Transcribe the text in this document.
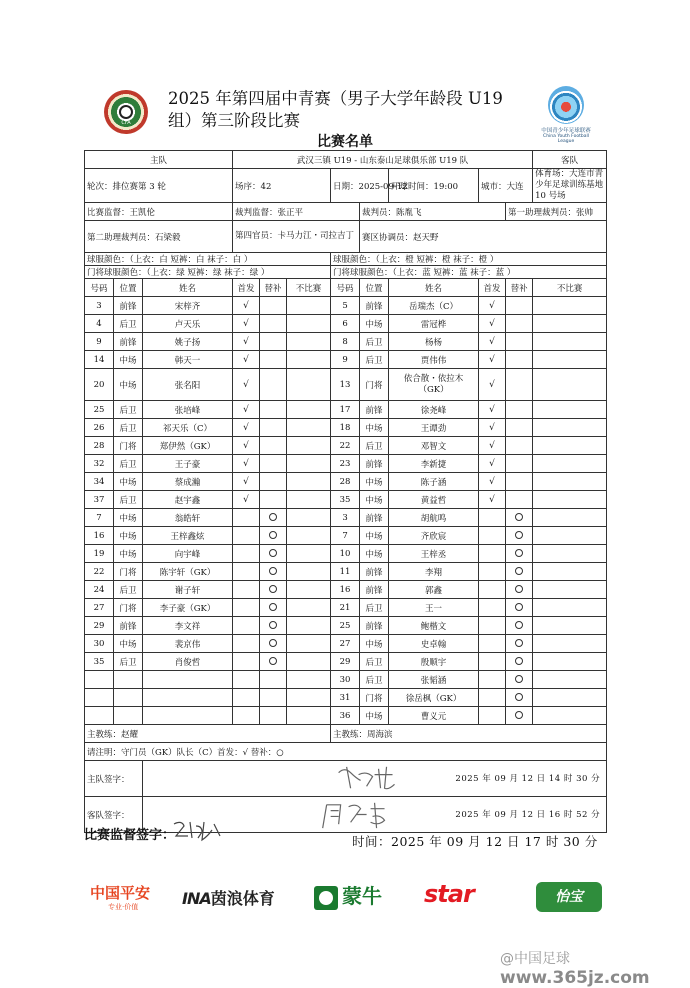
CFA
2025 年第四届中青赛（男子大学年龄段 U19 组）第三阶段比赛
中国青少年足球联赛
China Youth Football League
比赛名单
主队			武汉三镇 U19 - 山东泰山足球俱乐部 U19 队								客队
轮次：排位赛第 3 轮			场序：42			日期：2025-09-12		开球时间：19:00	城市：大连		体育场：大连市青少年足球训练基地 10 号场
比赛监督：王凯伦			裁判监督：张正平				裁判员：陈胤飞			第一助理裁判员：张帅	
第二助理裁判员：石梁毅			第四官员：卡马力江・司拉吉丁				赛区协调员：赵天野				
球服颜色：（上衣：白 短裤：白 袜子：白 ）						球服颜色：（上衣：橙 短裤：橙 袜子：橙 ）					
门将球服颜色：（上衣：绿 短裤：绿 袜子：绿 ）						门将球服颜色：（上衣：蓝 短裤：蓝 袜子：蓝 ）					
号码	位置	姓名	首发	替补	不比赛	号码	位置	姓名	首发	替补	不比赛
3	前锋	宋梓齐	√			5	前锋	岳瑞杰（C）	√		
4	后卫	卢天乐	√			6	中场	雷冠桦	√		
9	前锋	姚子扬	√			8	后卫	杨杨	√		
14	中场	韩天一	√			9	后卫	贾伟伟	√		
20	中场	张名阳	√			13	门将	依合散・依拉木（GK）	√		
25	后卫	张培峰	√			17	前锋	徐尧峰	√		
26	后卫	祁天乐（C）	√			18	中场	王谭劲	√		
28	门将	郑伊然（GK）	√			22	后卫	邓智文	√		
32	后卫	王子豪	√			23	前锋	李新捷	√		
34	中场	蔡成瀚	√			28	中场	陈子涵	√		
37	后卫	赵宇鑫	√			35	中场	黄益哲	√		
7	中场	翁皓轩				3	前锋	胡航鸣			
16	中场	王梓鑫炫				7	中场	齐欣宸			
19	中场	向宇峰				10	中场	王梓丞			
22	门将	陈宇轩（GK）				11	前锋	李翔			
24	后卫	谢子轩				16	前锋	郭鑫			
27	门将	李子豪（GK）				21	后卫	王一			
29	前锋	李文祥				25	前锋	鲍楷文			
30	中场	裴京伟				27	中场	史卓翰			
35	后卫	肖俊哲				29	后卫	殷顺宇			
						30	后卫	张韬涵			
						31	门将	徐岳枫（GK）			
						36	中场	曹义元			
主教练：赵耀						主教练：周海滨					
请注明：守门员（GK）队长（C）首发：√ 替补：○											
主队签字：		2025 年 09 月 12 日 14 时 30 分									

客队签字：		2025 年 09 月 12 日 16 时 52 分									
比赛监督签字：	时间：2025 年 09 月 12 日 17 时 30 分
中国平安
专业·价值	INA茵浪体育	蒙牛	star	怡宝
@中国足球 www.365jz.com
